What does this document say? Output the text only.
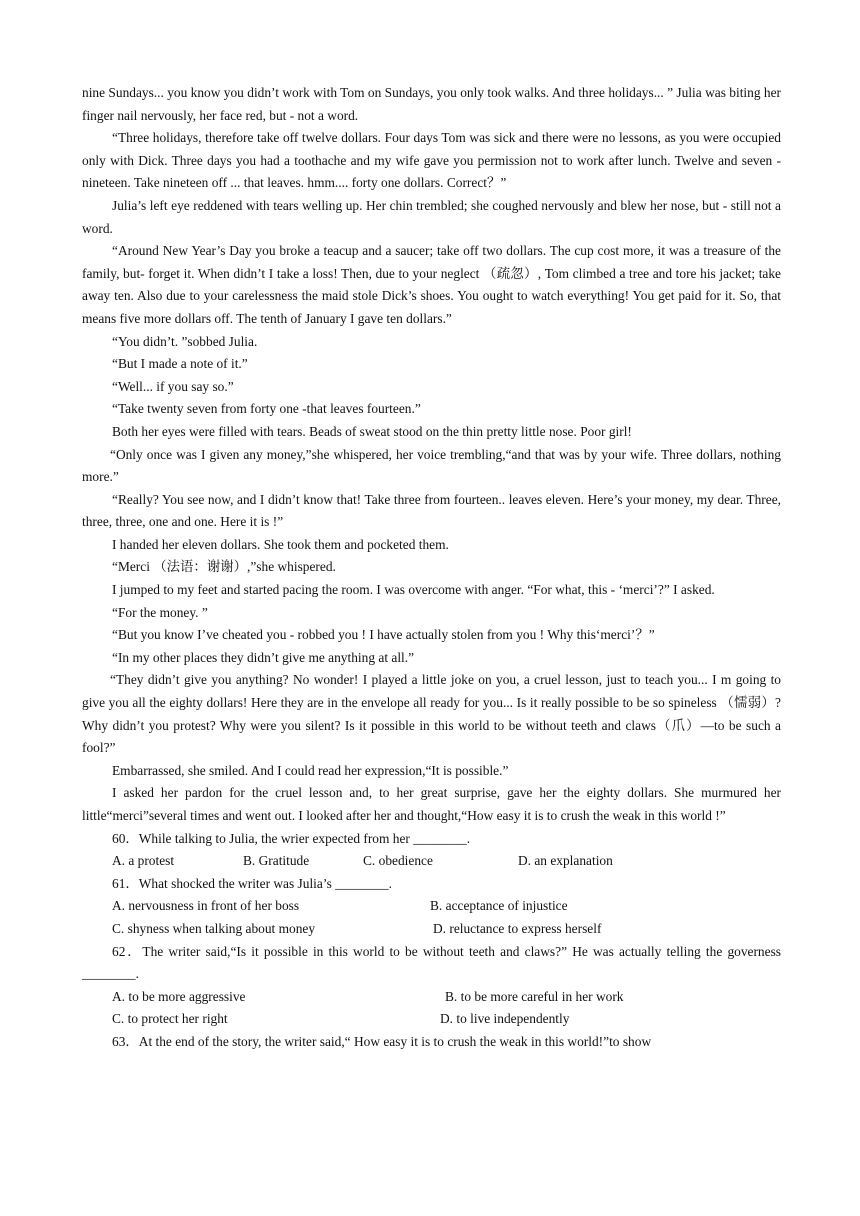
nine Sundays... you know you didn’t work with Tom on Sundays, you only took walks. And three holidays... ” Julia was biting her finger nail nervously, her face red, but - not a word.

“Three holidays, therefore take off twelve dollars. Four days Tom was sick and there were no lessons, as you were occupied only with Dick. Three days you had a toothache and my wife gave you permission not to work after lunch. Twelve and seven - nineteen. Take nineteen off ... that leaves. hmm.... forty one dollars. Correct？”

Julia’s left eye reddened with tears welling up. Her chin trembled; she coughed nervously and blew her nose, but - still not a word.

“Around New Year’s Day you broke a teacup and a saucer; take off two dollars. The cup cost more, it was a treasure of the family, but- forget it. When didn’t I take a loss! Then, due to your neglect （疏忽）, Tom climbed a tree and tore his jacket; take away ten. Also due to your carelessness the maid stole Dick’s shoes. You ought to watch everything! You get paid for it. So, that means five more dollars off. The tenth of January I gave ten dollars.”

“You didn’t. ”sobbed Julia.

“But I made a note of it.”

“Well... if you say so.”

“Take twenty seven from forty one -that leaves fourteen.”

Both her eyes were filled with tears. Beads of sweat stood on the thin pretty little nose. Poor girl!

“Only once was I given any money,”she whispered, her voice trembling,“and that was by your wife. Three dollars, nothing more.”

“Really? You see now, and I didn’t know that! Take three from fourteen.. leaves eleven. Here’s your money, my dear. Three, three, three, one and one. Here it is !”

I handed her eleven dollars. She took them and pocketed them.

“Merci （法语：谢谢）,”she whispered.

I jumped to my feet and started pacing the room. I was overcome with anger. “For what, this - ‘merci’?” I asked.

“For the money. ”

“But you know I’ve cheated you - robbed you ! I have actually stolen from you ! Why this‘merci’？”

“In my other places they didn’t give me anything at all.”

“They didn’t give you anything? No wonder! I played a little joke on you, a cruel lesson, just to teach you... I m going to give you all the eighty dollars! Here they are in the envelope all ready for you... Is it really possible to be so spineless （懦弱）?Why didn’t you protest? Why were you silent? Is it possible in this world to be without teeth and claws（爪）—to be such a fool?”

Embarrassed, she smiled. And I could read her expression,“It is possible.”

I asked her pardon for the cruel lesson and, to her great surprise, gave her the eighty dollars. She murmured her little“merci”several times and went out. I looked after her and thought,“How easy it is to crush the weak in this world !”

60．While talking to Julia, the wrier expected from her ________.

A. a protest	B. Gratitude	C. obedience	D. an explanation

61．What shocked the writer was Julia’s ________.

A. nervousness in front of her boss	B. acceptance of injustice
C. shyness when talking about money	D. reluctance to express herself

62．The writer said,“Is it possible in this world to be without teeth and claws?” He was actually telling the governess ________.

A. to be more aggressive	B. to be more careful in her work
C. to protect her right	D. to live independently

63．At the end of the story, the writer said,“ How easy it is to crush the weak in this world!”to show
